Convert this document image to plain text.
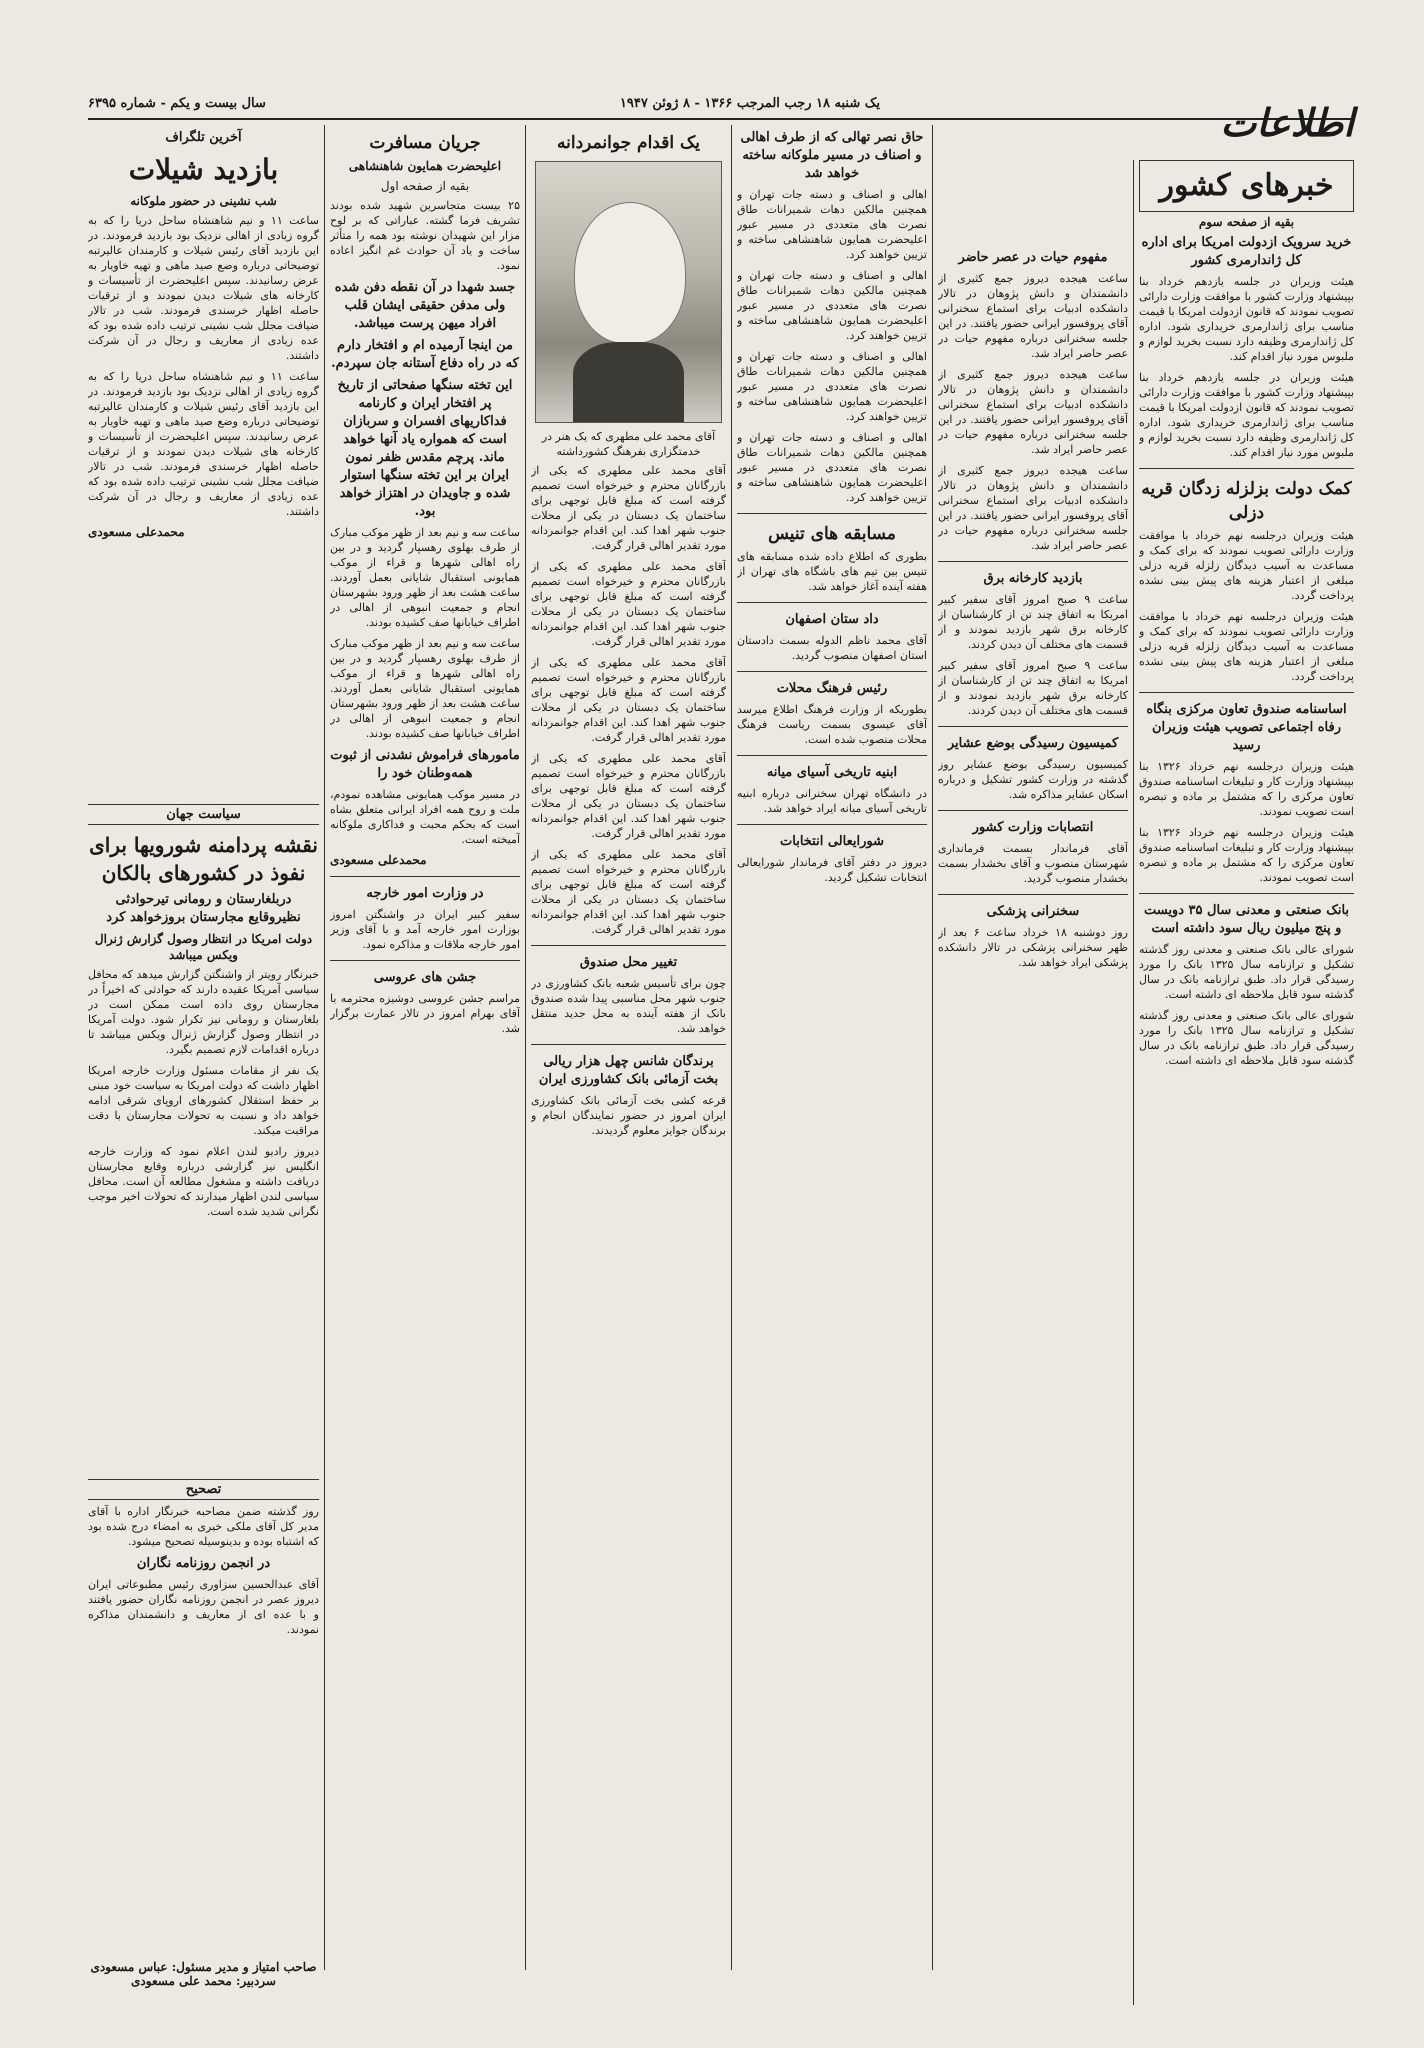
یک شنبه ۱۸ رجب المرجب ۱۳۶۶ - ۸ ژوئن ۱۹۴۷
سال بیست و یکم - شماره ۶۳۹۵	اطلاعات
خبرهای کشور
بقیه از صفحه سوم
خرید سرویک ازدولت امریکا برای اداره کل ژاندارمری کشور

هیئت وزیران در جلسه یازدهم خرداد بنا بپیشنهاد وزارت کشور با موافقت وزارت دارائی تصویب نمودند که قانون ازدولت امریکا با قیمت مناسب برای ژاندارمری خریداری شود. اداره کل ژاندارمری وظیفه دارد نسبت بخرید لوازم و ملبوس مورد نیاز اقدام کند.

هیئت وزیران در جلسه یازدهم خرداد بنا بپیشنهاد وزارت کشور با موافقت وزارت دارائی تصویب نمودند که قانون ازدولت امریکا با قیمت مناسب برای ژاندارمری خریداری شود. اداره کل ژاندارمری وظیفه دارد نسبت بخرید لوازم و ملبوس مورد نیاز اقدام کند.

کمک دولت بزلزله زدگان قریه دزلی

هیئت وزیران درجلسه نهم خرداد با موافقت وزارت دارائی تصویب نمودند که برای کمک و مساعدت به آسیب دیدگان زلزله قریه دزلی مبلغی از اعتبار هزینه های پیش بینی نشده پرداخت گردد.

هیئت وزیران درجلسه نهم خرداد با موافقت وزارت دارائی تصویب نمودند که برای کمک و مساعدت به آسیب دیدگان زلزله قریه دزلی مبلغی از اعتبار هزینه های پیش بینی نشده پرداخت گردد.

اساسنامه صندوق تعاون مرکزی بنگاه رفاه اجتماعی تصویب هیئت وزیران رسید

هیئت وزیران درجلسه نهم خرداد ۱۳۲۶ بنا بپیشنهاد وزارت کار و تبلیغات اساسنامه صندوق تعاون مرکزی را که مشتمل بر ماده و تبصره است تصویب نمودند.

هیئت وزیران درجلسه نهم خرداد ۱۳۲۶ بنا بپیشنهاد وزارت کار و تبلیغات اساسنامه صندوق تعاون مرکزی را که مشتمل بر ماده و تبصره است تصویب نمودند.

بانک صنعتی و معدنی سال ۳۵ دویست و پنج میلیون ریال سود داشته است

شورای عالی بانک صنعتی و معدنی روز گذشته تشکیل و ترازنامه سال ۱۳۲۵ بانک را مورد رسیدگی قرار داد. طبق ترازنامه بانک در سال گذشته سود قابل ملاحظه ای داشته است.

شورای عالی بانک صنعتی و معدنی روز گذشته تشکیل و ترازنامه سال ۱۳۲۵ بانک را مورد رسیدگی قرار داد. طبق ترازنامه بانک در سال گذشته سود قابل ملاحظه ای داشته است.

مفهوم حیات در عصر حاضر

ساعت هیجده دیروز جمع کثیری از دانشمندان و دانش پژوهان در تالار دانشکده ادبیات برای استماع سخنرانی آقای پروفسور ایرانی حضور یافتند. در این جلسه سخنرانی درباره مفهوم حیات در عصر حاضر ایراد شد.

ساعت هیجده دیروز جمع کثیری از دانشمندان و دانش پژوهان در تالار دانشکده ادبیات برای استماع سخنرانی آقای پروفسور ایرانی حضور یافتند. در این جلسه سخنرانی درباره مفهوم حیات در عصر حاضر ایراد شد.

ساعت هیجده دیروز جمع کثیری از دانشمندان و دانش پژوهان در تالار دانشکده ادبیات برای استماع سخنرانی آقای پروفسور ایرانی حضور یافتند. در این جلسه سخنرانی درباره مفهوم حیات در عصر حاضر ایراد شد.

بازدید کارخانه برق

ساعت ۹ صبح امروز آقای سفیر کبیر امریکا به اتفاق چند تن از کارشناسان از کارخانه برق شهر بازدید نمودند و از قسمت های مختلف آن دیدن کردند.

ساعت ۹ صبح امروز آقای سفیر کبیر امریکا به اتفاق چند تن از کارشناسان از کارخانه برق شهر بازدید نمودند و از قسمت های مختلف آن دیدن کردند.

کمیسیون رسیدگی بوضع عشایر

کمیسیون رسیدگی بوضع عشایر روز گذشته در وزارت کشور تشکیل و درباره اسکان عشایر مذاکره شد.

انتصابات وزارت کشور

آقای فرماندار بسمت فرمانداری شهرستان منصوب و آقای بخشدار بسمت بخشدار منصوب گردید.

سخنرانی پزشکی

روز دوشنبه ۱۸ خرداد ساعت ۶ بعد از ظهر سخنرانی پزشکی در تالار دانشکده پزشکی ایراد خواهد شد.

حاق نصر تهالی که از طرف اهالی و اصناف در مسیر ملوکانه ساخته خواهد شد

اهالی و اصناف و دسته جات تهران و همچنین مالکین دهات شمیرانات طاق نصرت های متعددی در مسیر عبور اعلیحضرت همایون شاهنشاهی ساخته و تزیین خواهند کرد.

اهالی و اصناف و دسته جات تهران و همچنین مالکین دهات شمیرانات طاق نصرت های متعددی در مسیر عبور اعلیحضرت همایون شاهنشاهی ساخته و تزیین خواهند کرد.

اهالی و اصناف و دسته جات تهران و همچنین مالکین دهات شمیرانات طاق نصرت های متعددی در مسیر عبور اعلیحضرت همایون شاهنشاهی ساخته و تزیین خواهند کرد.

اهالی و اصناف و دسته جات تهران و همچنین مالکین دهات شمیرانات طاق نصرت های متعددی در مسیر عبور اعلیحضرت همایون شاهنشاهی ساخته و تزیین خواهند کرد.

مسابقه های تنیس

بطوری که اطلاع داده شده مسابقه های تنیس بین تیم های باشگاه های تهران از هفته آینده آغاز خواهد شد.

داد ستان اصفهان

آقای محمد ناظم الدوله بسمت دادستان استان اصفهان منصوب گردید.

رئیس فرهنگ محلات

بطوریکه از وزارت فرهنگ اطلاع میرسد آقای عیسوی بسمت ریاست فرهنگ محلات منصوب شده است.

ابنیه تاریخی آسیای میانه

در دانشگاه تهران سخنرانی درباره ابنیه تاریخی آسیای میانه ایراد خواهد شد.

شورایعالی انتخابات

دیروز در دفتر آقای فرماندار شورایعالی انتخابات تشکیل گردید.

یک اقدام جوانمردانه
آقای محمد علی مطهری که یک هنر در خدمتگزاری بفرهنگ کشورداشته

آقای محمد علی مطهری که یکی از بازرگانان محترم و خیرخواه است تصمیم گرفته است که مبلغ قابل توجهی برای ساختمان یک دبستان در یکی از محلات جنوب شهر اهدا کند. این اقدام جوانمردانه مورد تقدیر اهالی قرار گرفت.

آقای محمد علی مطهری که یکی از بازرگانان محترم و خیرخواه است تصمیم گرفته است که مبلغ قابل توجهی برای ساختمان یک دبستان در یکی از محلات جنوب شهر اهدا کند. این اقدام جوانمردانه مورد تقدیر اهالی قرار گرفت.

آقای محمد علی مطهری که یکی از بازرگانان محترم و خیرخواه است تصمیم گرفته است که مبلغ قابل توجهی برای ساختمان یک دبستان در یکی از محلات جنوب شهر اهدا کند. این اقدام جوانمردانه مورد تقدیر اهالی قرار گرفت.

آقای محمد علی مطهری که یکی از بازرگانان محترم و خیرخواه است تصمیم گرفته است که مبلغ قابل توجهی برای ساختمان یک دبستان در یکی از محلات جنوب شهر اهدا کند. این اقدام جوانمردانه مورد تقدیر اهالی قرار گرفت.

آقای محمد علی مطهری که یکی از بازرگانان محترم و خیرخواه است تصمیم گرفته است که مبلغ قابل توجهی برای ساختمان یک دبستان در یکی از محلات جنوب شهر اهدا کند. این اقدام جوانمردانه مورد تقدیر اهالی قرار گرفت.

تغییر محل صندوق

چون برای تأسیس شعبه بانک کشاورزی در جنوب شهر محل مناسبی پیدا شده صندوق بانک از هفته آینده به محل جدید منتقل خواهد شد.

برندگان شانس چهل هزار ریالی بخت آزمائی بانک کشاورزی ایران

قرعه کشی بخت آزمائی بانک کشاورزی ایران امروز در حضور نمایندگان انجام و برندگان جوایز معلوم گردیدند.

جریان مسافرت
اعلیحضرت همایون شاهنشاهی
بقیه از صفحه اول

۲۵ بیست متجاسرین شهید شده بودند تشریف فرما گشته. عباراتی که بر لوح مزار این شهیدان نوشته بود همه را متأثر ساخت و یاد آن حوادث غم انگیز اعاده نمود.

جسد شهدا در آن نقطه دفن شده ولی مدفن حقیقی ایشان قلب افراد میهن پرست میباشد.
من اینجا آرمیده ام و افتخار دارم که در راه دفاع آستانه جان سپردم.
این تخته سنگها صفحاتی از تاریخ پر افتخار ایران و کارنامه فداکاریهای افسران و سربازان است که همواره یاد آنها خواهد ماند. پرچم مقدس ظفر نمون ایران بر این تخته سنگها استوار شده و جاویدان در اهتزاز خواهد بود.

ساعت سه و نیم بعد از ظهر موکب مبارک از طرف بهلوی رهسپار گردید و در بین راه اهالی شهرها و قراء از موکب همایونی استقبال شایانی بعمل آوردند. ساعت هشت بعد از ظهر ورود بشهرستان انجام و جمعیت انبوهی از اهالی در اطراف خیابانها صف کشیده بودند.

ساعت سه و نیم بعد از ظهر موکب مبارک از طرف بهلوی رهسپار گردید و در بین راه اهالی شهرها و قراء از موکب همایونی استقبال شایانی بعمل آوردند. ساعت هشت بعد از ظهر ورود بشهرستان انجام و جمعیت انبوهی از اهالی در اطراف خیابانها صف کشیده بودند.

مامورهای فراموش نشدنی از ثبوت همه‌وطنان خود را

در مسیر موکب همایونی مشاهده نمودم، ملت و روح همه افراد ایرانی متعلق بشاه است که بحکم محبت و فداکاری ملوکانه آمیخته است.

محمدعلی مسعودی
در وزارت امور خارجه

سفیر کبیر ایران در واشنگتن امروز بوزارت امور خارجه آمد و با آقای وزیر امور خارجه ملاقات و مذاکره نمود.

جشن های عروسی

مراسم جشن عروسی دوشیزه محترمه با آقای بهرام امروز در تالار عمارت برگزار شد.

آخرین تلگراف
بازدید شیلات
شب نشینی در حضور ملوکانه

ساعت ۱۱ و نیم شاهنشاه ساحل دریا را که به گروه زیادی از اهالی نزدیک بود بازدید فرمودند. در این بازدید آقای رئیس شیلات و کارمندان عالیرتبه توضیحاتی درباره وضع صید ماهی و تهیه خاویار به عرض رسانیدند. سپس اعلیحضرت از تأسیسات و کارخانه های شیلات دیدن نمودند و از ترقیات حاصله اظهار خرسندی فرمودند. شب در تالار ضیافت مجلل شب نشینی ترتیب داده شده بود که عده زیادی از معاریف و رجال در آن شرکت داشتند.

ساعت ۱۱ و نیم شاهنشاه ساحل دریا را که به گروه زیادی از اهالی نزدیک بود بازدید فرمودند. در این بازدید آقای رئیس شیلات و کارمندان عالیرتبه توضیحاتی درباره وضع صید ماهی و تهیه خاویار به عرض رسانیدند. سپس اعلیحضرت از تأسیسات و کارخانه های شیلات دیدن نمودند و از ترقیات حاصله اظهار خرسندی فرمودند. شب در تالار ضیافت مجلل شب نشینی ترتیب داده شده بود که عده زیادی از معاریف و رجال در آن شرکت داشتند.

محمدعلی مسعودی
سیاست جهان
نقشه پردامنه شورویها برای نفوذ در کشورهای بالکان
دربلغارستان و رومانی تیرحوادثی نظیروقایع مجارستان بروزخواهد کرد
دولت امریکا در انتظار وصول گزارش ژنرال ویکس میباشد

خبرنگار رویتر از واشنگتن گزارش میدهد که محافل سیاسی آمریکا عقیده دارند که حوادثی که اخیراً در مجارستان روی داده است ممکن است در بلغارستان و رومانی نیز تکرار شود. دولت آمریکا در انتظار وصول گزارش ژنرال ویکس میباشد تا درباره اقدامات لازم تصمیم بگیرد.

یک نفر از مقامات مسئول وزارت خارجه امریکا اظهار داشت که دولت امریکا به سیاست خود مبنی بر حفظ استقلال کشورهای اروپای شرقی ادامه خواهد داد و نسبت به تحولات مجارستان با دقت مراقبت میکند.

دیروز رادیو لندن اعلام نمود که وزارت خارجه انگلیس نیز گزارشی درباره وقایع مجارستان دریافت داشته و مشغول مطالعه آن است. محافل سیاسی لندن اظهار میدارند که تحولات اخیر موجب نگرانی شدید شده است.

تصحیح

روز گذشته ضمن مصاحبه خبرنگار اداره با آقای مدیر کل آقای ملکی خبری به امضاء درج شده بود که اشتباه بوده و بدینوسیله تصحیح میشود.

در انجمن روزنامه نگاران

آقای عبدالحسین سزاوری رئیس مطبوعاتی ایران دیروز عصر در انجمن روزنامه نگاران حضور یافتند و با عده ای از معاریف و دانشمندان مذاکره نمودند.

صاحب امتیاز و مدیر مسئول: عباس مسعودی
سردبیر: محمد علی مسعودی
